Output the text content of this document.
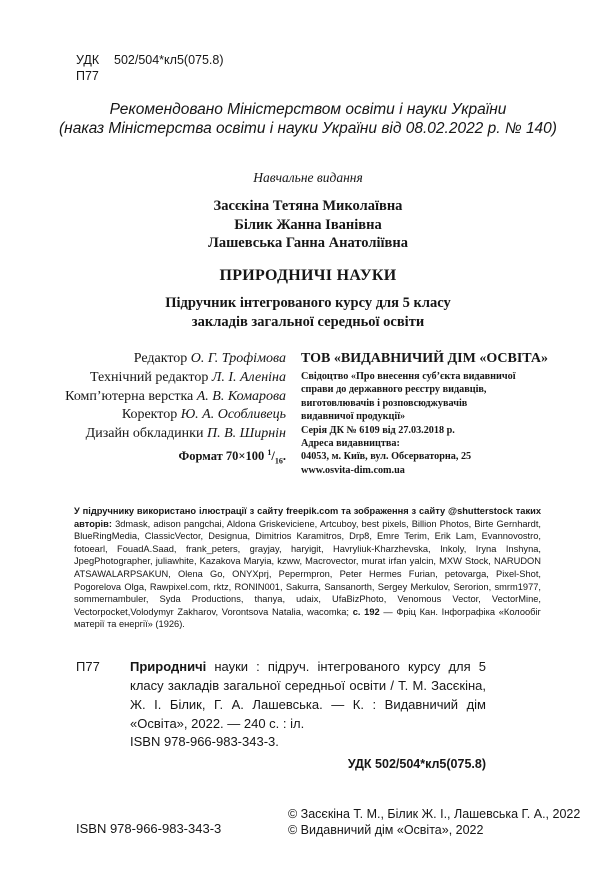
УДК	502/504*кл5(075.8)
П77
Рекомендовано Міністерством освіти і науки України
(наказ Міністерства освіти і науки України від 08.02.2022 р. № 140)
Навчальне видання
Засєкіна Тетяна Миколаївна
Білик Жанна Іванівна
Лашевська Ганна Анатоліївна
ПРИРОДНИЧІ НАУКИ
Підручник інтегрованого курсу для 5 класу
закладів загальної середньої освіти
Редактор О. Г. Трофімова
Технічний редактор Л. І. Аленіна
Комп’ютерна верстка А. В. Комарова
Коректор Ю. А. Особливець
Дизайн обкладинки П. В. Ширнін
Формат 70×100 $^1/_{16}$.
ТОВ «ВИДАВНИЧИЙ ДІМ «ОСВІТА»
Свідоцтво «Про внесення суб’єкта видавничої
справи до державного реєстру видавців,
виготовлювачів і розповсюджувачів
видавничої продукції»
Серія ДК № 6109 від 27.03.2018 р.
Адреса видавництва:
04053, м. Київ, вул. Обсерваторна, 25
www.osvita-dim.com.ua
У підручнику використано ілюстрації з сайту freepik.com та зображення з сайту @shutterstock таких авторів: 3dmask, adison pangchai, Aldona Griskeviciene, Artcuboy, best pixels, Billion Photos, Birte Gernhardt, BlueRingMedia, ClassicVector, Designua, Dimitrios Karamitros, Drp8, Emre Terim, Erik Lam, Evannovostro, fotoearl, FouadA.Saad, frank_peters, grayjay, haryigit, Havryliuk-Kharzhevska, Inkoly, Iryna Inshyna, JpegPhotographer, juliawhite, Kazakova Maryia, kzww, Macrovector, murat irfan yalcin, MXW Stock, NARUDON ATSAWALARPSAKUN, Olena Go, ONYXprj, Pepermpron, Peter Hermes Furian, petovarga, Pixel-Shot, Pogorelova Olga, Rawpixel.com, rktz, RONIN001, Sakurra, Sansanorth, Sergey Merkulov, Serorion, smrm1977, sommernambuler, Syda Productions, thanya, udaix, UfaBizPhoto, Venomous Vector, VectorMine, Vectorpocket,Volodymyr Zakharov, Vorontsova Natalia, wacomka; с. 192 — Фріц Кан. Інфографіка «Колообіг матерії та енергії» (1926).
П77 Природничі науки : підруч. інтегрованого курсу для 5 класу закладів загальної середньої освіти / Т. М. Засєкіна, Ж. І. Білик, Г. А. Лашевська. — К. : Видавничий дім «Освіта», 2022. — 240 с. : іл.
ISBN 978-966-983-343-3.
УДК 502/504*кл5(075.8)
ISBN 978-966-983-343-3
© Засєкіна Т. М., Білик Ж. І., Лашевська Г. А., 2022
© Видавничий дім «Освіта», 2022
